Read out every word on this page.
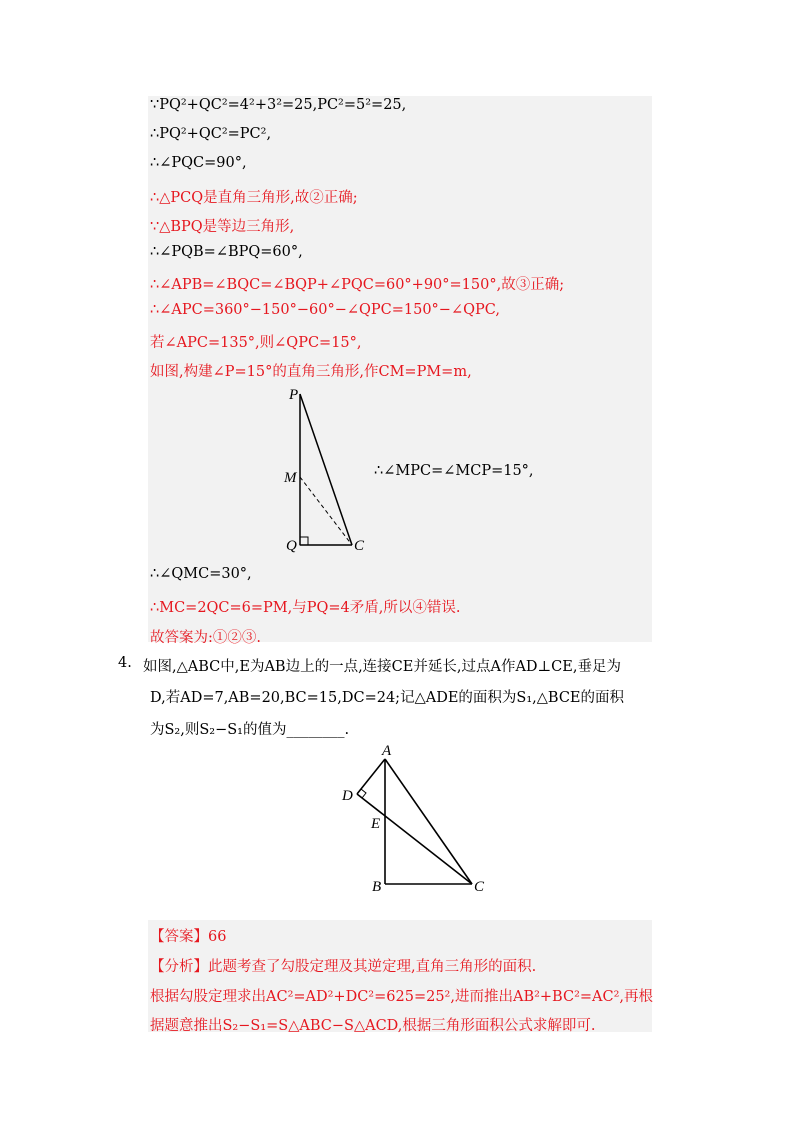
∵PQ²+QC²=4²+3²=25,PC²=5²=25,
∴PQ²+QC²=PC²,
∴∠PQC=90°,
∴△PCQ是直角三角形,故②正确;
∵△BPQ是等边三角形,
∴∠PQB=∠BPQ=60°,
∴∠APB=∠BQC=∠BQP+∠PQC=60°+90°=150°,故③正确;
∴∠APC=360°−150°−60°−∠QPC=150°−∠QPC,
若∠APC=135°,则∠QPC=15°,
如图,构建∠P=15°的直角三角形,作CM=PM=m,
P
M
Q	C
∴∠MPC=∠MCP=15°,
∴∠QMC=30°,
∴MC=2QC=6=PM,与PQ=4矛盾,所以④错误.
故答案为:①②③.
4. 如图,△ABC中,E为AB边上的一点,连接CE并延长,过点A作AD⊥CE,垂足为
D,若AD=7,AB=20,BC=15,DC=24;记△ADE的面积为S₁,△BCE的面积
为S₂,则S₂−S₁的值为________.
A
D
E
B	C
【答案】66
【分析】此题考查了勾股定理及其逆定理,直角三角形的面积.
根据勾股定理求出AC²=AD²+DC²=625=25²,进而推出AB²+BC²=AC²,再根
据题意推出S₂−S₁=S△ABC−S△ACD,根据三角形面积公式求解即可.
